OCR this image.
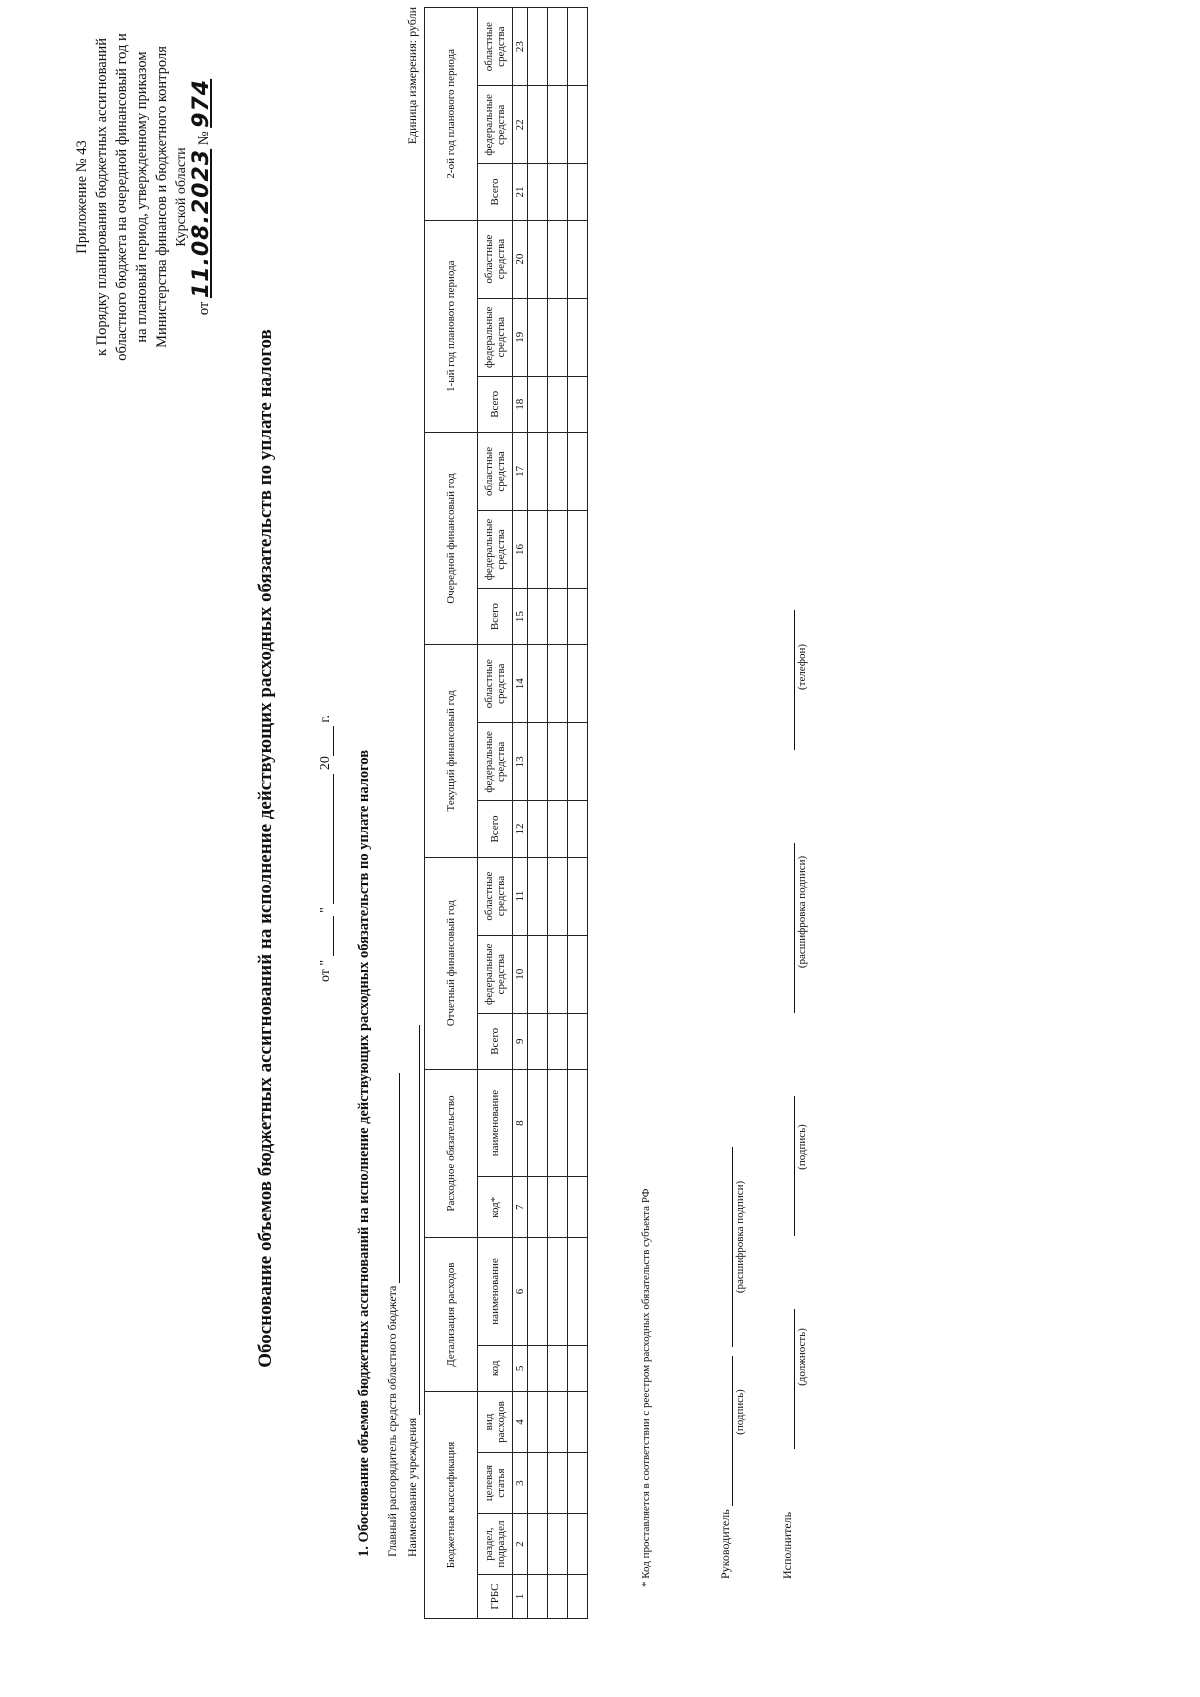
Приложение № 43 к Порядку планирования бюджетных ассигнований областного бюджета на очередной финансовый год и на плановый период, утвержденному приказом Министерства финансов и бюджетного контроля Курской области
от 11.08.2023 № 974
Обоснование объемов бюджетных ассигнований на исполнение действующих расходных обязательств по уплате налогов	от "  "  20 г.
1. Обоснование объемов бюджетных ассигнований на исполнение действующих расходных обязательств по уплате налогов Главный распорядитель средств областного бюджета Наименование учреждения
Единица измерения: рубли
Бюджетная классификация				Детализация расходов		Расходное обязательство		Отчетный финансовый год			Текущий финансовый год			Очередной финансовый год			1-ый год планового периода			2-ой год планового периода		
ГРБС	раздел, подраздел	целевая статья	вид расходов	код	наименование	код*	наименование	Всего	федеральные средства	областные средства	Всего	федеральные средства	областные средства	Всего	федеральные средства	областные средства	Всего	федеральные средства	областные средства	Всего	федеральные средства	областные средства
1	2	3	4	5	6	7	8	9	10	11	12	13	14	15	16	17	18	19	20	21	22	23

* Код проставляется в соответствии с реестром расходных обязательств субъекта РФ	Руководитель
(подпись)
(расшифровка подписи)
Исполнитель
(должность)
(подпись)
(расшифровка подписи)
(телефон)
